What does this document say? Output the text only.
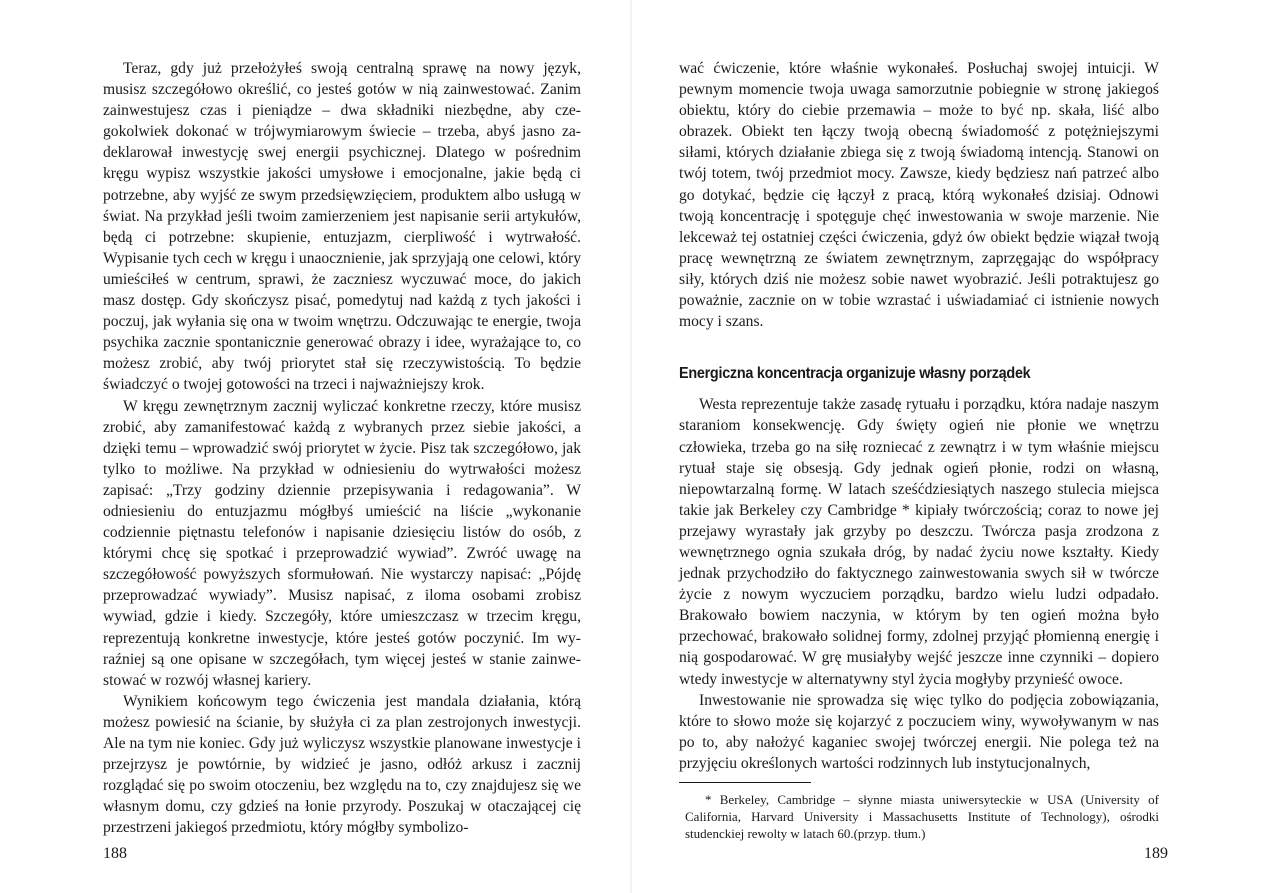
Teraz, gdy już przełożyłeś swoją centralną sprawę na nowy język, musisz szczegółowo określić, co jesteś gotów w nią zainwestować. Zanim zainwestujesz czas i pieniądze – dwa składniki niezbędne, aby czegokolwiek dokonać w trójwymiarowym świecie – trzeba, abyś jasno zadeklarował inwestycję swej energii psychicznej. Dlatego w pośrednim kręgu wypisz wszystkie jakości umysłowe i emocjonalne, jakie będą ci potrzebne, aby wyjść ze swym przedsięwzięciem, produktem albo usługą w świat. Na przykład jeśli twoim zamierzeniem jest napisanie serii artykułów, będą ci potrzebne: skupienie, entuzjazm, cierpliwość i wytrwałość. Wypisanie tych cech w kręgu i unaocznienie, jak sprzyjają one celowi, który umieściłeś w centrum, sprawi, że zaczniesz wyczuwać moce, do jakich masz dostęp. Gdy skończysz pisać, pomedytuj nad każdą z tych jakości i poczuj, jak wyłania się ona w twoim wnętrzu. Odczuwając te energie, twoja psychika zacznie spontanicznie generować obrazy i idee, wyrażające to, co możesz zrobić, aby twój priorytet stał się rzeczywistością. To będzie świadczyć o twojej gotowości na trzeci i najważniejszy krok.

W kręgu zewnętrznym zacznij wyliczać konkretne rzeczy, które musisz zrobić, aby zamanifestować każdą z wybranych przez siebie jakości, a dzięki temu – wprowadzić swój priorytet w życie. Pisz tak szczegółowo, jak tylko to możliwe. Na przykład w odniesieniu do wytrwałości możesz zapisać: „Trzy godziny dziennie przepisywania i redagowania”. W odniesieniu do entuzjazmu mógłbyś umieścić na liście „wykonanie codziennie piętnastu telefonów i napisanie dziesięciu listów do osób, z którymi chcę się spotkać i przeprowadzić wywiad”. Zwróć uwagę na szczegółowość powyższych sformułowań. Nie wystarczy napisać: „Pójdę przeprowadzać wywiady”. Musisz napisać, z iloma osobami zrobisz wywiad, gdzie i kiedy. Szczegóły, które umieszczasz w trzecim kręgu, reprezentują konkretne inwestycje, które jesteś gotów poczynić. Im wyraźniej są one opisane w szczegółach, tym więcej jesteś w stanie zainwestować w rozwój własnej kariery.

Wynikiem końcowym tego ćwiczenia jest mandala działania, którą możesz powiesić na ścianie, by służyła ci za plan zestrojonych inwestycji. Ale na tym nie koniec. Gdy już wyliczysz wszystkie planowane inwestycje i przejrzysz je powtórnie, by widzieć je jasno, odłóż arkusz i zacznij rozglądać się po swoim otoczeniu, bez względu na to, czy znajdujesz się we własnym domu, czy gdzieś na łonie przyrody. Poszukaj w otaczającej cię przestrzeni jakiegoś przedmiotu, który mógłby symbolizo-

188

wać ćwiczenie, które właśnie wykonałeś. Posłuchaj swojej intuicji. W pewnym momencie twoja uwaga samorzutnie pobiegnie w stronę jakiegoś obiektu, który do ciebie przemawia – może to być np. skała, liść albo obrazek. Obiekt ten łączy twoją obecną świadomość z potężniejszymi siłami, których działanie zbiega się z twoją świadomą intencją. Stanowi on twój totem, twój przedmiot mocy. Zawsze, kiedy będziesz nań patrzeć albo go dotykać, będzie cię łączył z pracą, którą wykonałeś dzisiaj. Odnowi twoją koncentrację i spotęguje chęć inwestowania w swoje marzenie. Nie lekceważ tej ostatniej części ćwiczenia, gdyż ów obiekt będzie wiązał twoją pracę wewnętrzną ze światem zewnętrznym, zaprzęgając do współpracy siły, których dziś nie możesz sobie nawet wyobrazić. Jeśli potraktujesz go poważnie, zacznie on w tobie wzrastać i uświadamiać ci istnienie nowych mocy i szans.

Energiczna koncentracja organizuje własny porządek

Westa reprezentuje także zasadę rytuału i porządku, która nadaje naszym staraniom konsekwencję. Gdy święty ogień nie płonie we wnętrzu człowieka, trzeba go na siłę rozniecać z zewnątrz i w tym właśnie miejscu rytuał staje się obsesją. Gdy jednak ogień płonie, rodzi on własną, niepowtarzalną formę. W latach sześćdziesiątych naszego stulecia miejsca takie jak Berkeley czy Cambridge * kipiały twórczością; coraz to nowe jej przejawy wyrastały jak grzyby po deszczu. Twórcza pasja zrodzona z wewnętrznego ognia szukała dróg, by nadać życiu nowe kształty. Kiedy jednak przychodziło do faktycznego zainwestowania swych sił w twórcze życie z nowym wyczuciem porządku, bardzo wielu ludzi odpadało. Brakowało bowiem naczynia, w którym by ten ogień można było przechować, brakowało solidnej formy, zdolnej przyjąć płomienną energię i nią gospodarować. W grę musiałyby wejść jeszcze inne czynniki – dopiero wtedy inwestycje w alternatywny styl życia mogłyby przynieść owoce.

Inwestowanie nie sprowadza się więc tylko do podjęcia zobowiązania, które to słowo może się kojarzyć z poczuciem winy, wywoływanym w nas po to, aby nałożyć kaganiec swojej twórczej energii. Nie polega też na przyjęciu określonych wartości rodzinnych lub instytucjonalnych,

* Berkeley, Cambridge – słynne miasta uniwersyteckie w USA (University of California, Harvard University i Massachusetts Institute of Technology), ośrodki studenckiej rewolty w latach 60.(przyp. tłum.)

189
